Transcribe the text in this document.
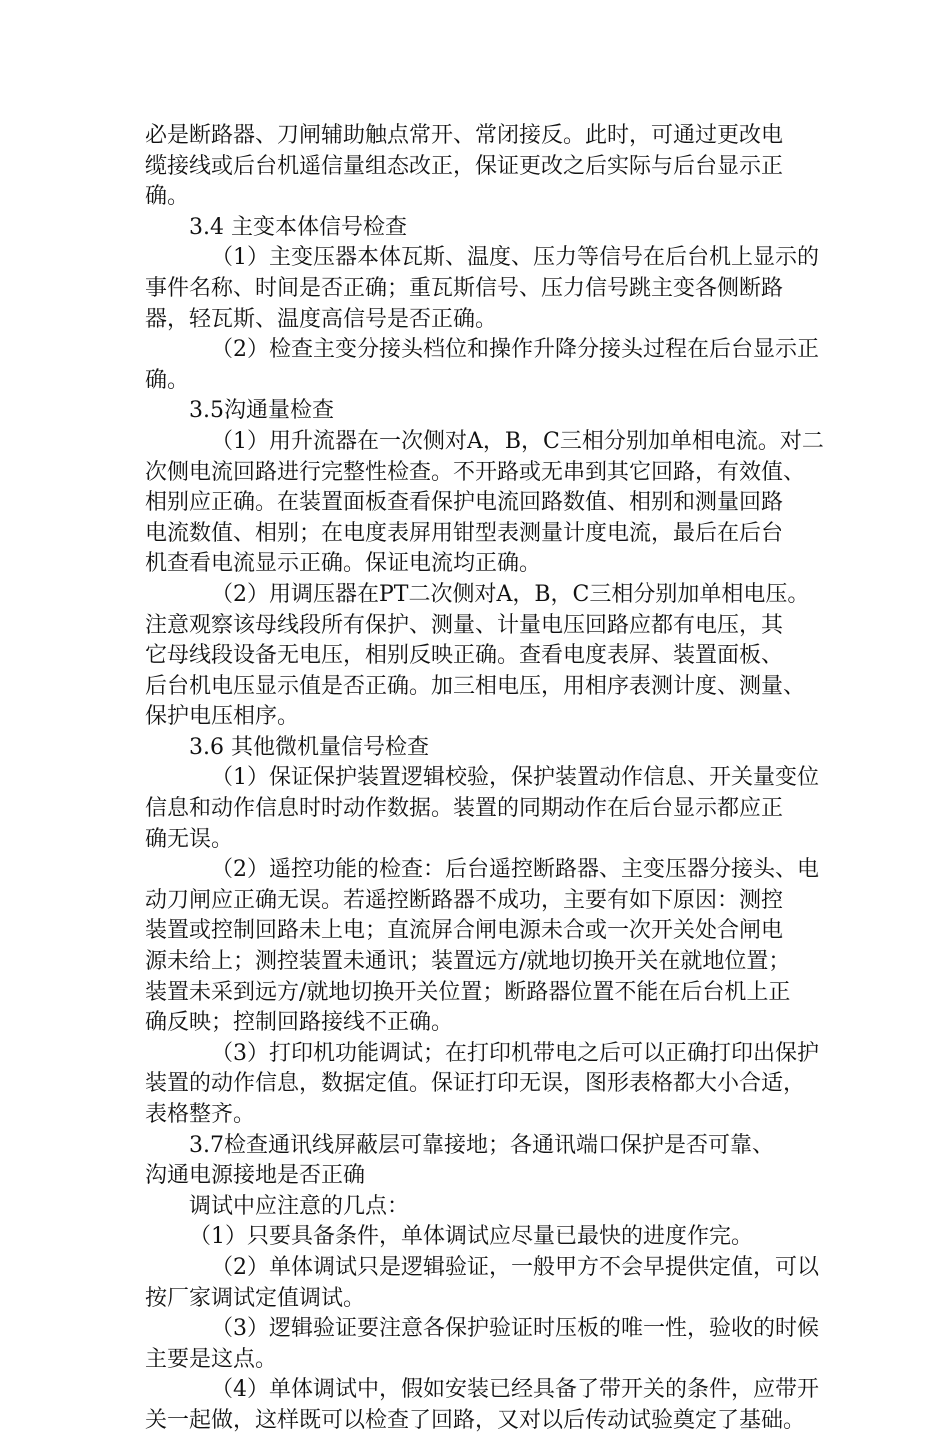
必是断路器、刀闸辅助触点常开、常闭接反。此时，可通过更改电
缆接线或后台机遥信量组态改正，保证更改之后实际与后台显示正
确。
3.4 主变本体信号检查
（1）主变压器本体瓦斯、温度、压力等信号在后台机上显示的
事件名称、时间是否正确；重瓦斯信号、压力信号跳主变各侧断路
器，轻瓦斯、温度高信号是否正确。
（2）检查主变分接头档位和操作升降分接头过程在后台显示正
确。
3.5沟通量检查
（1）用升流器在一次侧对A，B，C三相分别加单相电流。对二
次侧电流回路进行完整性检查。不开路或无串到其它回路，有效值、
相别应正确。在装置面板查看保护电流回路数值、相别和测量回路
电流数值、相别；在电度表屏用钳型表测量计度电流，最后在后台
机查看电流显示正确。保证电流均正确。
（2）用调压器在PT二次侧对A，B，C三相分别加单相电压。
注意观察该母线段所有保护、测量、计量电压回路应都有电压，其
它母线段设备无电压，相别反映正确。查看电度表屏、装置面板、
后台机电压显示值是否正确。加三相电压，用相序表测计度、测量、
保护电压相序。
3.6 其他微机量信号检查
（1）保证保护装置逻辑校验，保护装置动作信息、开关量变位
信息和动作信息时时动作数据。装置的同期动作在后台显示都应正
确无误。
（2）遥控功能的检查：后台遥控断路器、主变压器分接头、电
动刀闸应正确无误。若遥控断路器不成功，主要有如下原因：测控
装置或控制回路未上电；直流屏合闸电源未合或一次开关处合闸电
源未给上；测控装置未通讯；装置远方/就地切换开关在就地位置；
装置未采到远方/就地切换开关位置；断路器位置不能在后台机上正
确反映；控制回路接线不正确。
（3）打印机功能调试；在打印机带电之后可以正确打印出保护
装置的动作信息，数据定值。保证打印无误，图形表格都大小合适，
表格整齐。
3.7检查通讯线屏蔽层可靠接地；各通讯端口保护是否可靠、
沟通电源接地是否正确
调试中应注意的几点：
（1）只要具备条件，单体调试应尽量已最快的进度作完。
（2）单体调试只是逻辑验证，一般甲方不会早提供定值，可以
按厂家调试定值调试。
（3）逻辑验证要注意各保护验证时压板的唯一性，验收的时候
主要是这点。
（4）单体调试中，假如安装已经具备了带开关的条件，应带开
关一起做，这样既可以检查了回路，又对以后传动试验奠定了基础。
